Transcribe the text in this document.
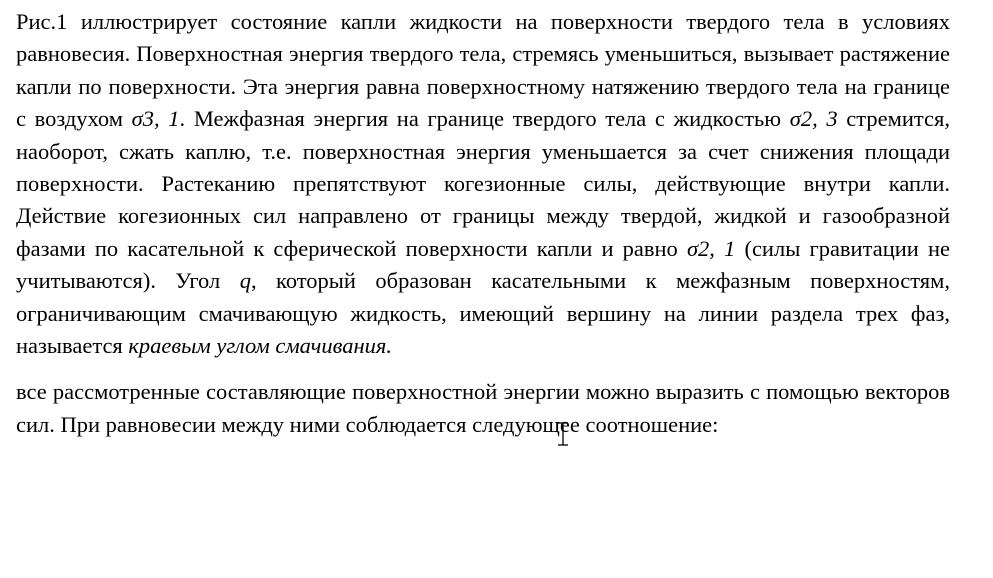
Рис.1 иллюстрирует состояние капли жидкости на поверхности твердого тела в условиях равновесия. Поверхностная энергия твердого тела, стремясь уменьшиться, вызывает растяжение капли по поверхности. Эта энергия равна поверхностному натяжению твердого тела на границе с воздухом σ3, 1. Межфазная энергия на границе твердого тела с жидкостью σ2, 3 стремится, наоборот, сжать каплю, т.е. поверхностная энергия уменьшается за счет снижения площади поверхности. Растеканию препятствуют когезионные силы, действующие внутри капли. Действие когезионных сил направлено от границы между твердой, жидкой и газообразной фазами по касательной к сферической поверхности капли и равно σ2, 1 (силы гравитации не учитываются). Угол q, который образован касательными к межфазным поверхностям, ограничивающим смачивающую жидкость, имеющий вершину на линии раздела трех фаз, называется краевым углом смачивания.

все рассмотренные составляющие поверхностной энергии можно выразить с помощью векторов сил. При равновесии между ними соблюдается следующее соотношение:
